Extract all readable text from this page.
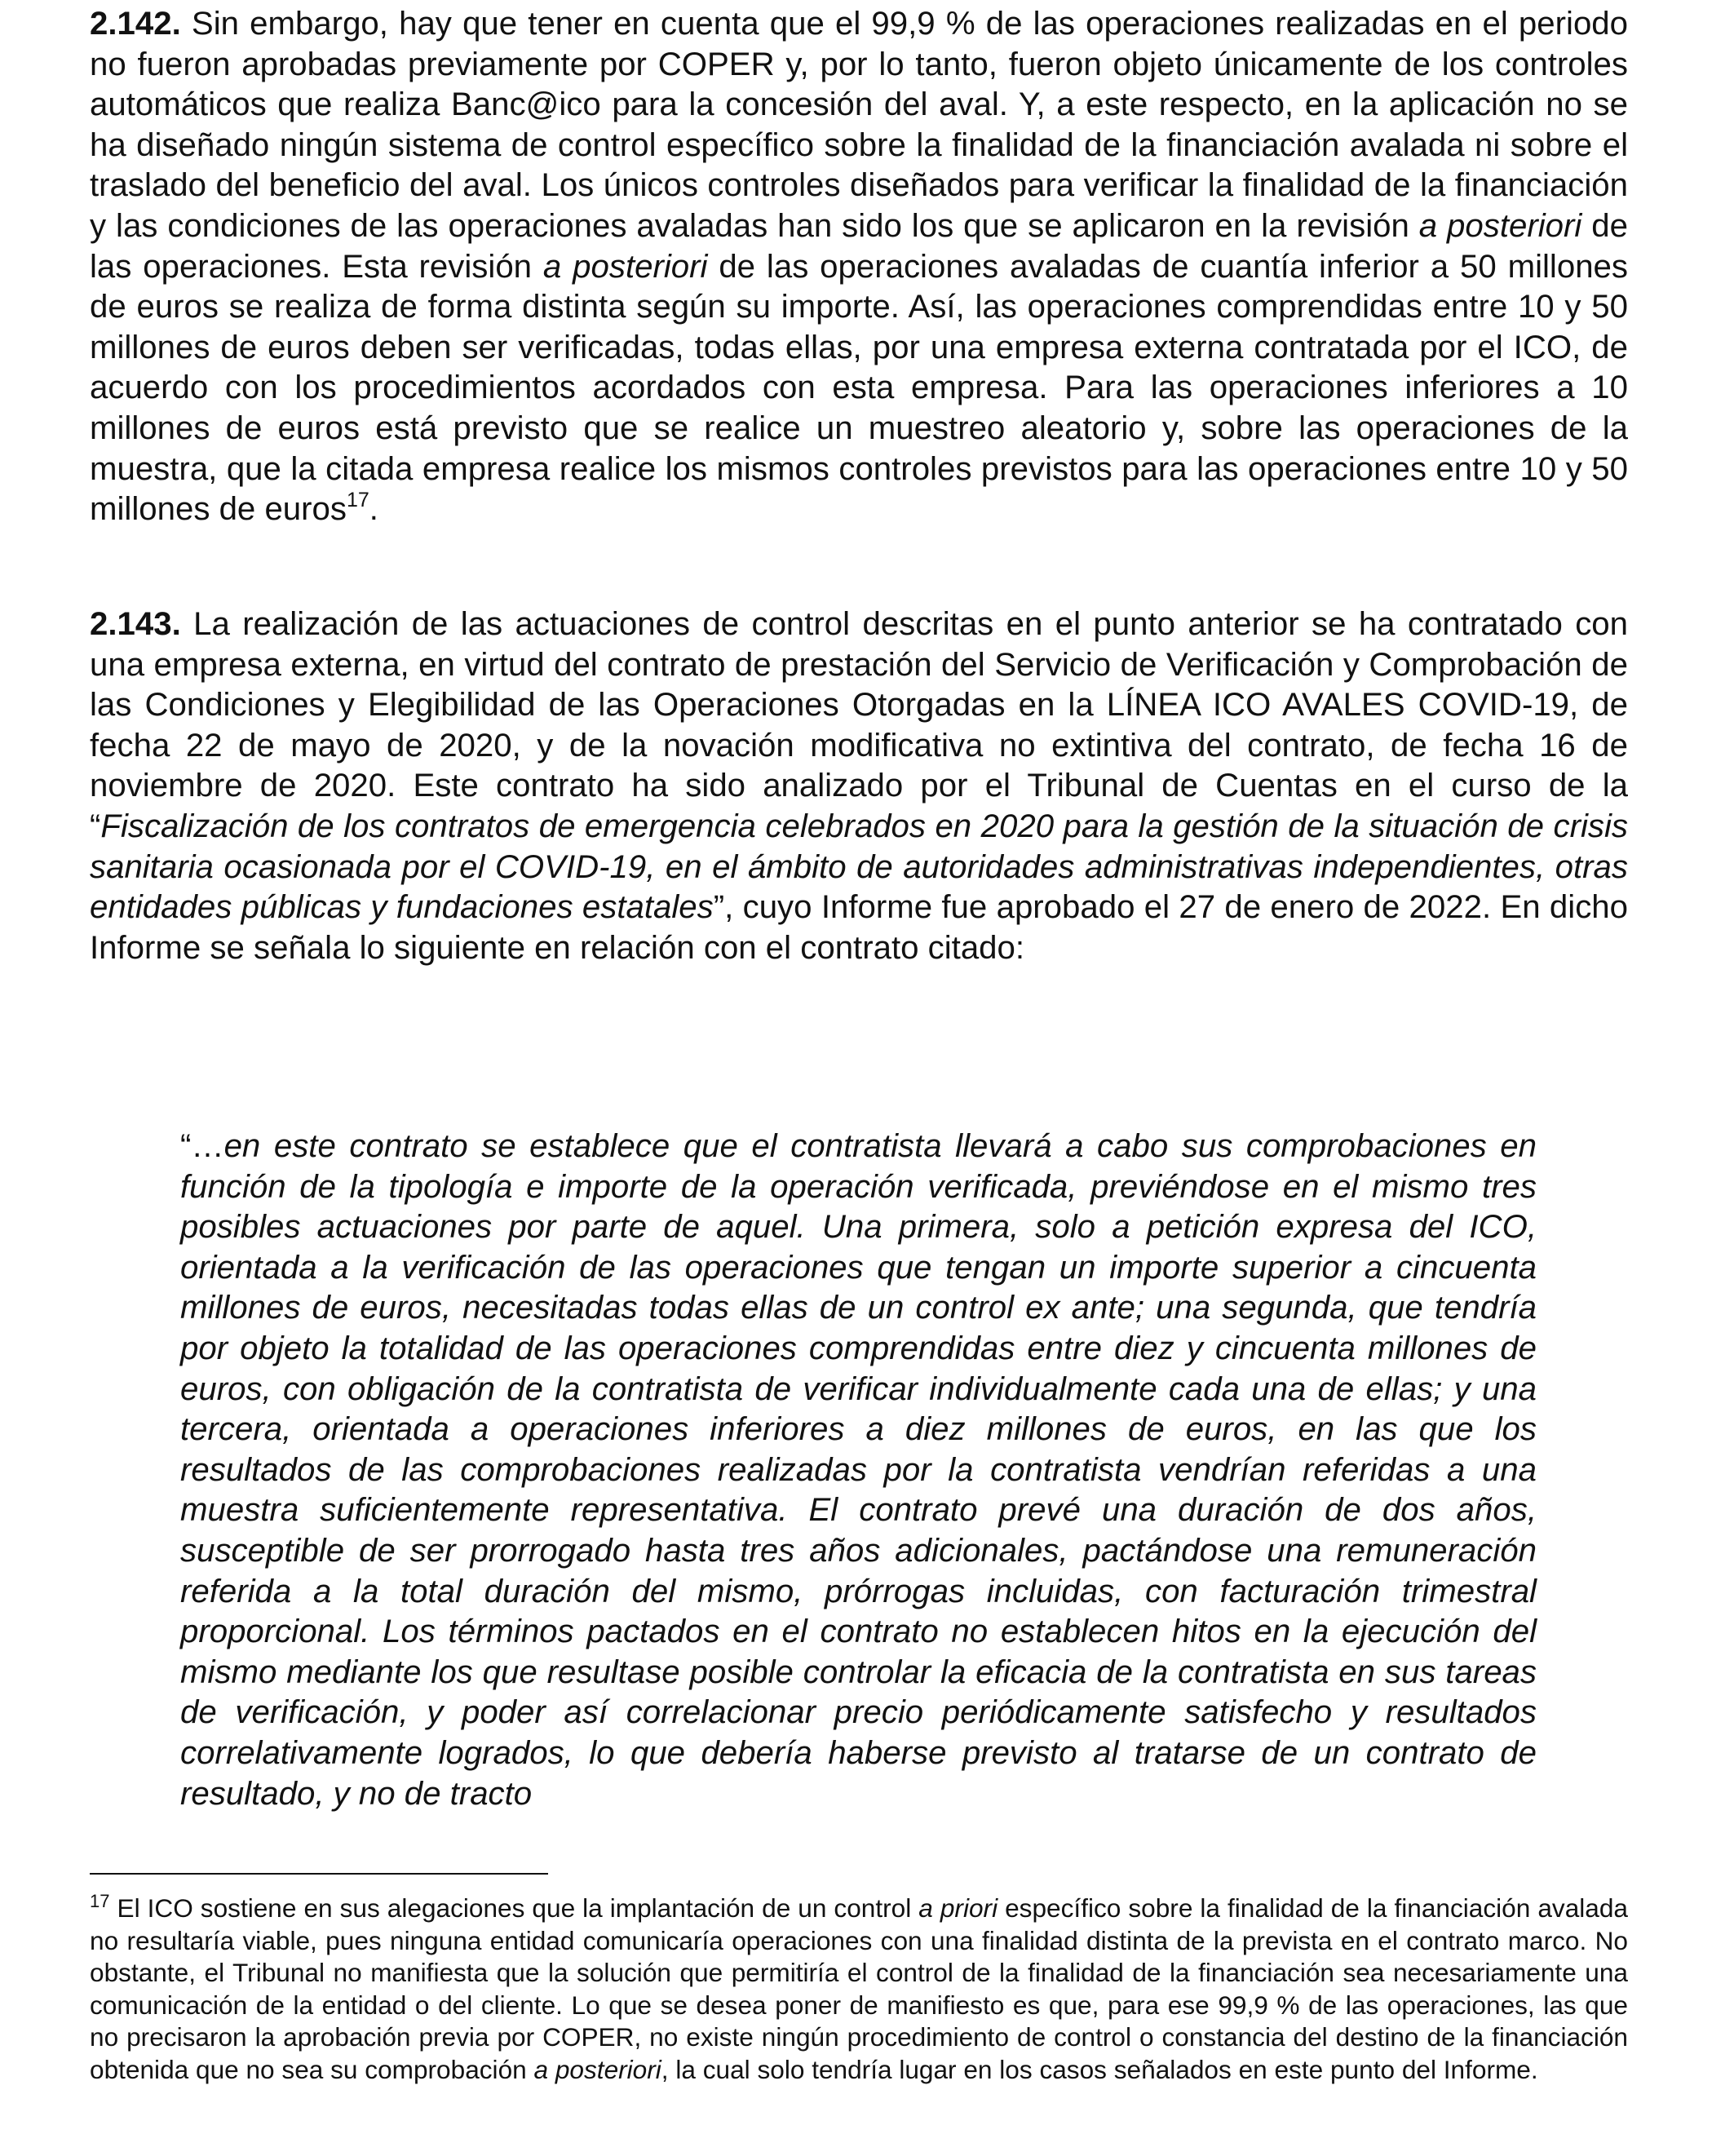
2.142. Sin embargo, hay que tener en cuenta que el 99,9 % de las operaciones realizadas en el periodo no fueron aprobadas previamente por COPER y, por lo tanto, fueron objeto únicamente de los controles automáticos que realiza Banc@ico para la concesión del aval. Y, a este respecto, en la aplicación no se ha diseñado ningún sistema de control específico sobre la finalidad de la financiación avalada ni sobre el traslado del beneficio del aval. Los únicos controles diseñados para verificar la finalidad de la financiación y las condiciones de las operaciones avaladas han sido los que se aplicaron en la revisión a posteriori de las operaciones. Esta revisión a posteriori de las operaciones avaladas de cuantía inferior a 50 millones de euros se realiza de forma distinta según su importe. Así, las operaciones comprendidas entre 10 y 50 millones de euros deben ser verificadas, todas ellas, por una empresa externa contratada por el ICO, de acuerdo con los procedimientos acordados con esta empresa. Para las operaciones inferiores a 10 millones de euros está previsto que se realice un muestreo aleatorio y, sobre las operaciones de la muestra, que la citada empresa realice los mismos controles previstos para las operaciones entre 10 y 50 millones de euros$^{17}$.

2.143. La realización de las actuaciones de control descritas en el punto anterior se ha contratado con una empresa externa, en virtud del contrato de prestación del Servicio de Verificación y Comprobación de las Condiciones y Elegibilidad de las Operaciones Otorgadas en la LÍNEA ICO AVALES COVID-19, de fecha 22 de mayo de 2020, y de la novación modificativa no extintiva del contrato, de fecha 16 de noviembre de 2020. Este contrato ha sido analizado por el Tribunal de Cuentas en el curso de la “Fiscalización de los contratos de emergencia celebrados en 2020 para la gestión de la situación de crisis sanitaria ocasionada por el COVID-19, en el ámbito de autoridades administrativas independientes, otras entidades públicas y fundaciones estatales”, cuyo Informe fue aprobado el 27 de enero de 2022. En dicho Informe se señala lo siguiente en relación con el contrato citado:

“…en este contrato se establece que el contratista llevará a cabo sus comprobaciones en función de la tipología e importe de la operación verificada, previéndose en el mismo tres posibles actuaciones por parte de aquel. Una primera, solo a petición expresa del ICO, orientada a la verificación de las operaciones que tengan un importe superior a cincuenta millones de euros, necesitadas todas ellas de un control ex ante; una segunda, que tendría por objeto la totalidad de las operaciones comprendidas entre diez y cincuenta millones de euros, con obligación de la contratista de verificar individualmente cada una de ellas; y una tercera, orientada a operaciones inferiores a diez millones de euros, en las que los resultados de las comprobaciones realizadas por la contratista vendrían referidas a una muestra suficientemente representativa. El contrato prevé una duración de dos años, susceptible de ser prorrogado hasta tres años adicionales, pactándose una remuneración referida a la total duración del mismo, prórrogas incluidas, con facturación trimestral proporcional. Los términos pactados en el contrato no establecen hitos en la ejecución del mismo mediante los que resultase posible controlar la eficacia de la contratista en sus tareas de verificación, y poder así correlacionar precio periódicamente satisfecho y resultados correlativamente logrados, lo que debería haberse previsto al tratarse de un contrato de resultado, y no de tracto

$^{17}$ El ICO sostiene en sus alegaciones que la implantación de un control a priori específico sobre la finalidad de la financiación avalada no resultaría viable, pues ninguna entidad comunicaría operaciones con una finalidad distinta de la prevista en el contrato marco. No obstante, el Tribunal no manifiesta que la solución que permitiría el control de la finalidad de la financiación sea necesariamente una comunicación de la entidad o del cliente. Lo que se desea poner de manifiesto es que, para ese 99,9 % de las operaciones, las que no precisaron la aprobación previa por COPER, no existe ningún procedimiento de control o constancia del destino de la financiación obtenida que no sea su comprobación a posteriori, la cual solo tendría lugar en los casos señalados en este punto del Informe.
